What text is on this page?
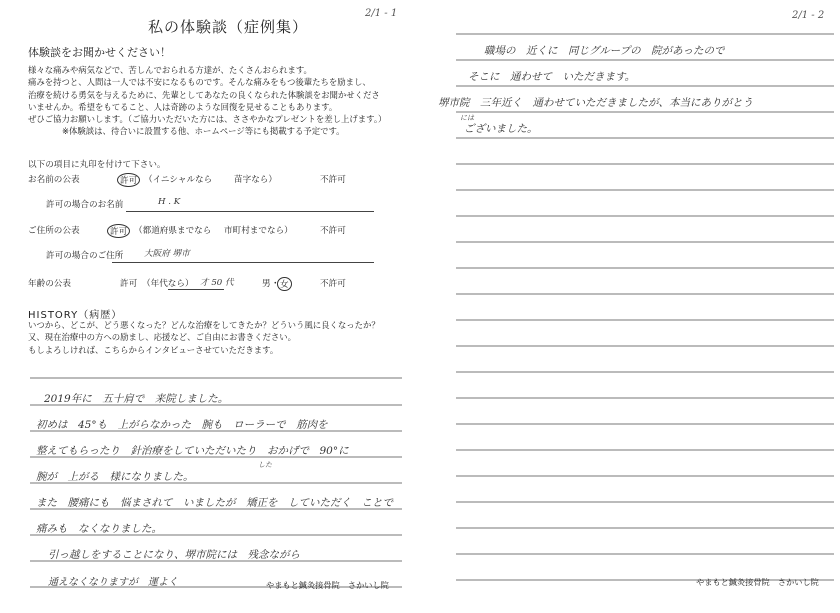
私の体験談（症例集）
2/1 - 1
体験談をお聞かせください！
様々な痛みや病気などで、苦しんでおられる方達が、たくさんおられます。
痛みを持つと、人間は一人では不安になるものです。そんな痛みをもつ後輩たちを励まし、
治療を続ける勇気を与えるために、先輩としてあなたの良くなられた体験談をお聞かせくださ
いませんか。希望をもてること、人は奇跡のような回復を見せることもあります。
ぜひご協力お願いします。（ご協力いただいた方には、ささやかなプレゼントを差し上げます。）
※体験談は、待合いに設置する他、ホームページ等にも掲載する予定です。
以下の項目に丸印を付けて下さい。
お名前の公表	許可 （イニシャルなら	苗字なら）	不許可
許可の場合のお名前	H . K
ご住所の公表	許可 （都道府県までなら 市町村までなら）	不許可
許可の場合のご住所 大阪府 堺市
年齢の公表	許可 （年代なら） 才 50 代	男 ・ 女	不許可
HISTORY（病歴）
いつから、どこが、どう悪くなった？どんな治療をしてきたか？どういう風に良くなったか？
又、現在治療中の方への励まし、応援など、ご自由にお書きください。
もしよろしければ、こちらからインタビューさせていただきます。
2019年に　五十肩で　来院しました。
初めは　45°も　上がらなかった　腕も　ローラーで　筋肉を
整えてもらったり　針治療をしていただいたり　おかげで　90°に
腕が　上がる　様になりました。
また　腰痛にも　悩まされて　いましたが　矯正を　していただく　ことで
痛みも　なくなりました。
引っ越しをすることになり、堺市院には　残念ながら
通えなくなりますが　運よく
した
やまもと鍼灸接骨院　さかいし院
2/1 - 2
職場の　近くに　同じグループの　院があったので
そこに　通わせて　いただきます。
堺市院　三年近く　通わせていただきましたが、本当にありがとう
ございました。
には
やまもと鍼灸接骨院　さかいし院
